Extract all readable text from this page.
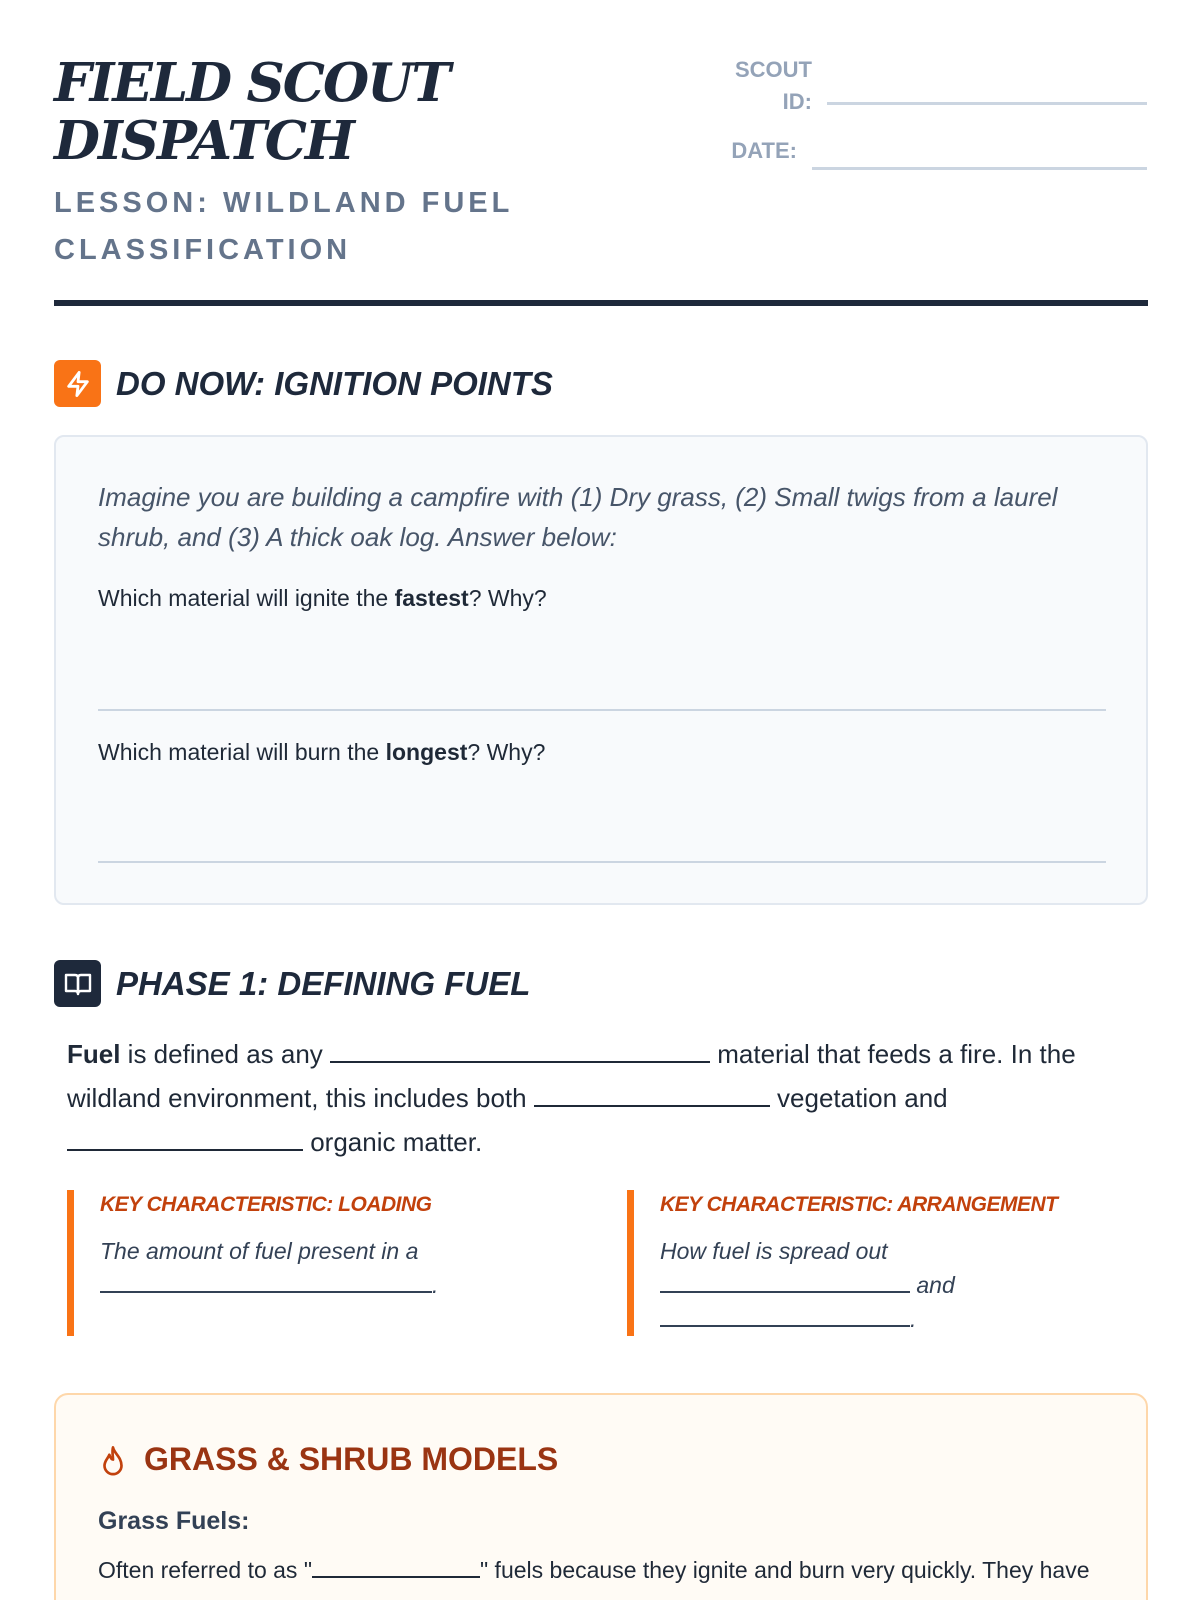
FIELD SCOUT DISPATCH
LESSON: WILDLAND FUEL CLASSIFICATION
SCOUT
ID:
DATE:
DO NOW: IGNITION POINTS
Imagine you are building a campfire with (1) Dry grass, (2) Small twigs from a laurel shrub, and (3) A thick oak log. Answer below:
Which material will ignite the fastest? Why?
Which material will burn the longest? Why?
PHASE 1: DEFINING FUEL
Fuel is defined as any	material that feeds a fire. In the wildland environment, this includes both	vegetation and  organic matter.
KEY CHARACTERISTIC: LOADING
The amount of fuel present in a
.
KEY CHARACTERISTIC: ARRANGEMENT
How fuel is spread out
and
.
GRASS & SHRUB MODELS
Grass Fuels:
Often referred to as "	" fuels because they ignite and burn very quickly. They have
